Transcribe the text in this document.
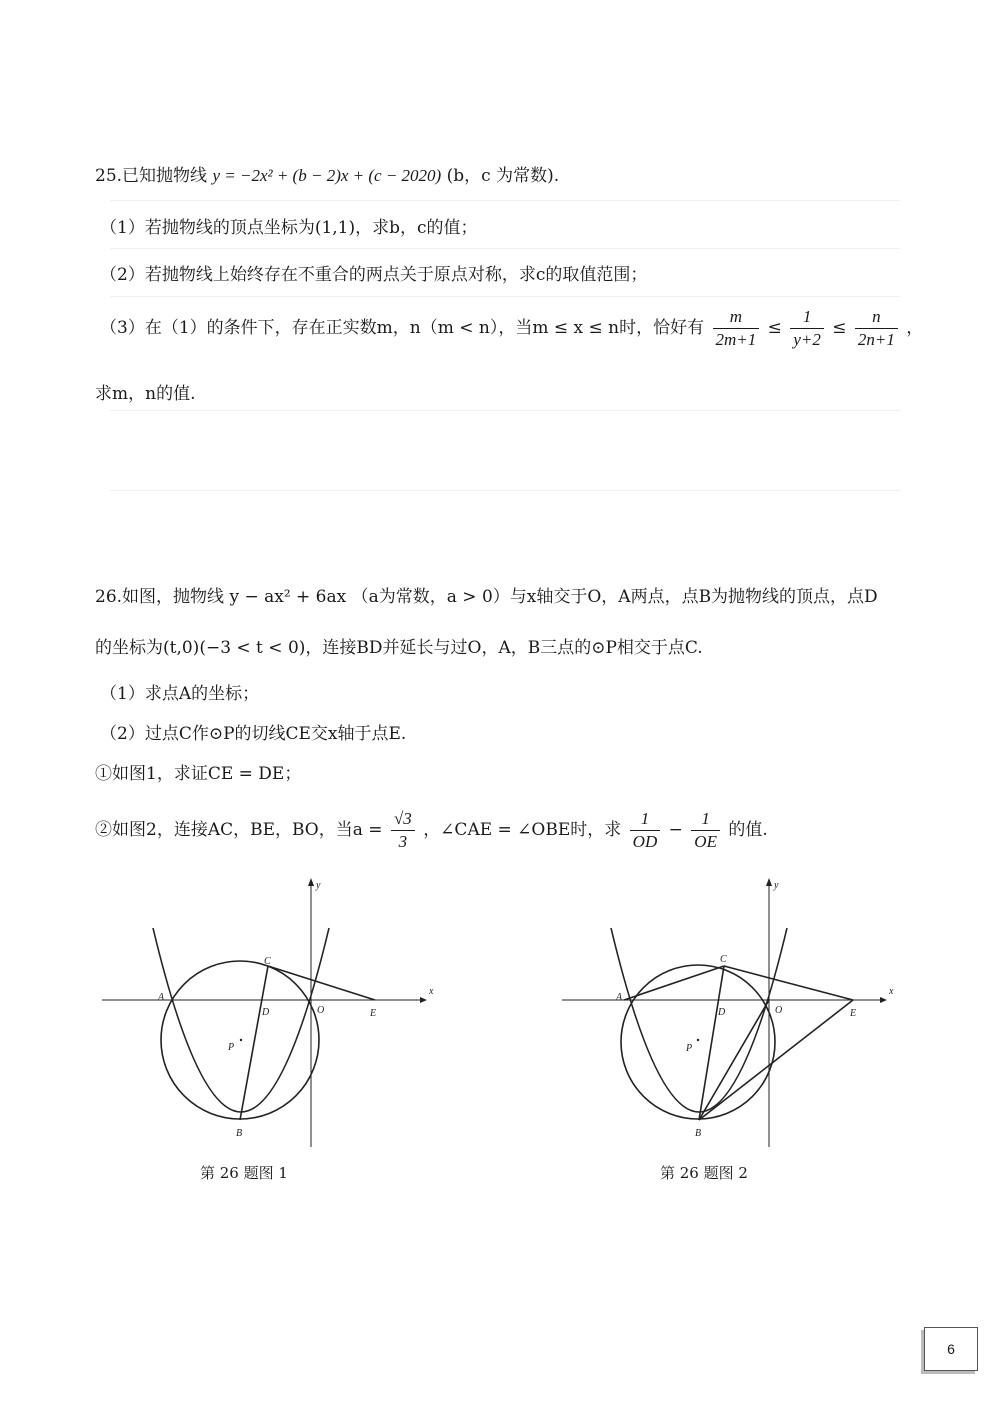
25.已知抛物线 y = −2x² + (b − 2)x + (c − 2020) (b，c 为常数).
（1）若抛物线的顶点坐标为(1,1)，求b，c的值；
（2）若抛物线上始终存在不重合的两点关于原点对称，求c的取值范围；
（3）在（1）的条件下，存在正实数m，n（m < n），当m ≤ x ≤ n时，恰好有 $\frac{m}{2m+1} \le \frac{1}{y+2} \le \frac{n}{2n+1}$ ，
求m，n的值.
26.如图，抛物线 y − ax² + 6ax （a为常数，a > 0）与x轴交于O，A两点，点B为抛物线的顶点，点D
的坐标为(t,0)(−3 < t < 0)，连接BD并延长与过O，A，B三点的⊙P相交于点C.
（1）求点A的坐标；
（2）过点C作⊙P的切线CE交x轴于点E.
①如图1，求证CE = DE；
②如图2，连接AC，BE，BO，当$a = \frac{√3}{3}$ ，∠CAE = ∠OBE时，求 $\frac{1}{OD} - \frac{1}{OE}$ 的值.
y
x
A
B
C
D	O	E
P
第 26 题图 1
y
x
A
B
C
D	O	E
P
第 26 题图 2
6
